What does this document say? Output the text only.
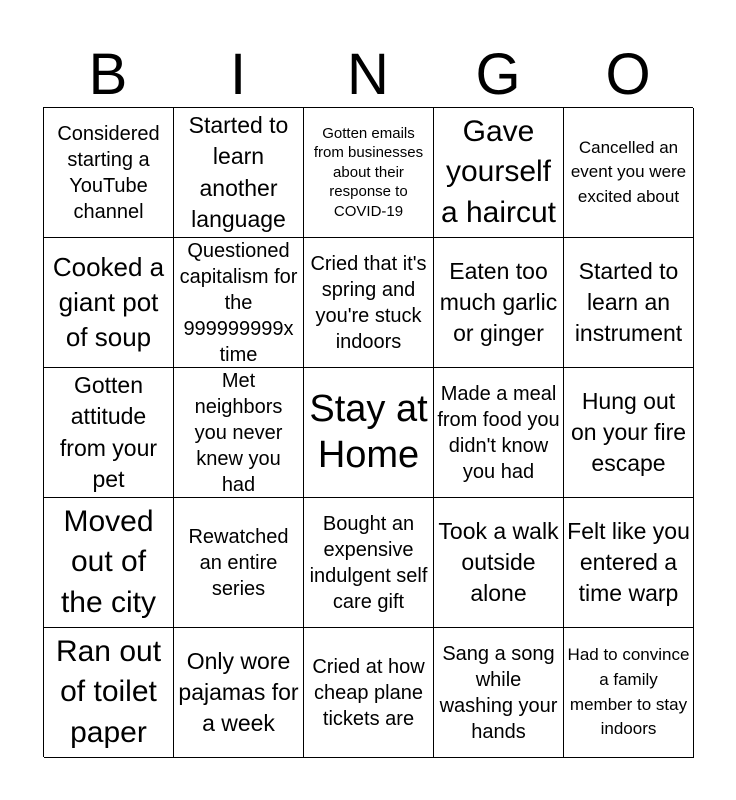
B	I	N	G	O
Considered starting a YouTube channel
Started to learn another language
Gotten emails from businesses about their response to COVID-19
Gave yourself a haircut
Cancelled an event you were excited about
Cooked a giant pot of soup
Questioned capitalism for the 999999999x time
Cried that it's spring and you're stuck indoors
Eaten too much garlic or ginger
Started to learn an instrument
Gotten attitude from your pet
Met neighbors you never knew you had
Stay at Home
Made a meal from food you didn't know you had
Hung out on your fire escape
Moved out of the city
Rewatched an entire series
Bought an expensive indulgent self care gift
Took a walk outside alone
Felt like you entered a time warp
Ran out of toilet paper
Only wore pajamas for a week
Cried at how cheap plane tickets are
Sang a song while washing your hands
Had to convince a family member to stay indoors
